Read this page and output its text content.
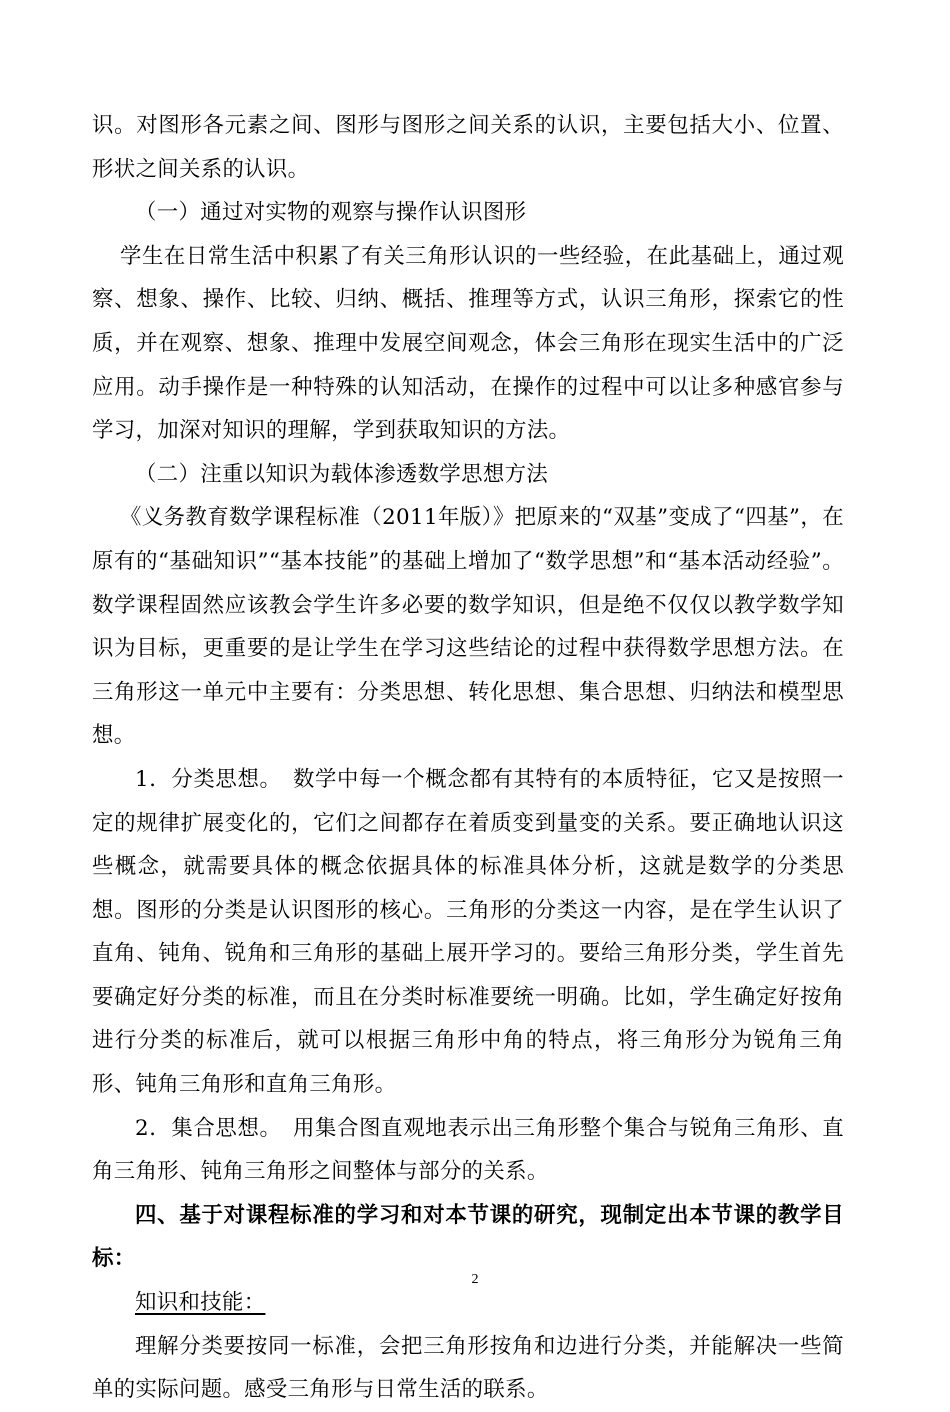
识。对图形各元素之间、图形与图形之间关系的认识，主要包括大小、位置、形状之间关系的认识。

（一）通过对实物的观察与操作认识图形

学生在日常生活中积累了有关三角形认识的一些经验，在此基础上，通过观察、想象、操作、比较、归纳、概括、推理等方式，认识三角形，探索它的性质，并在观察、想象、推理中发展空间观念，体会三角形在现实生活中的广泛应用。动手操作是一种特殊的认知活动，在操作的过程中可以让多种感官参与学习，加深对知识的理解，学到获取知识的方法。

（二）注重以知识为载体渗透数学思想方法

《义务教育数学课程标准（2011年版）》把原来的“双基”变成了“四基”，在原有的“基础知识”“基本技能”的基础上增加了“数学思想”和“基本活动经验”。数学课程固然应该教会学生许多必要的数学知识，但是绝不仅仅以教学数学知识为目标，更重要的是让学生在学习这些结论的过程中获得数学思想方法。在三角形这一单元中主要有：分类思想、转化思想、集合思想、归纳法和模型思想。

1．分类思想。　数学中每一个概念都有其特有的本质特征，它又是按照一定的规律扩展变化的，它们之间都存在着质变到量变的关系。要正确地认识这些概念，就需要具体的概念依据具体的标准具体分析，这就是数学的分类思想。图形的分类是认识图形的核心。三角形的分类这一内容，是在学生认识了直角、钝角、锐角和三角形的基础上展开学习的。要给三角形分类，学生首先要确定好分类的标准，而且在分类时标准要统一明确。比如，学生确定好按角进行分类的标准后，就可以根据三角形中角的特点，将三角形分为锐角三角形、钝角三角形和直角三角形。

2．集合思想。　用集合图直观地表示出三角形整个集合与锐角三角形、直角三角形、钝角三角形之间整体与部分的关系。

四、基于对课程标准的学习和对本节课的研究，现制定出本节课的教学目标：

知识和技能：

理解分类要按同一标准，会把三角形按角和边进行分类，并能解决一些简单的实际问题。感受三角形与日常生活的联系。

2
